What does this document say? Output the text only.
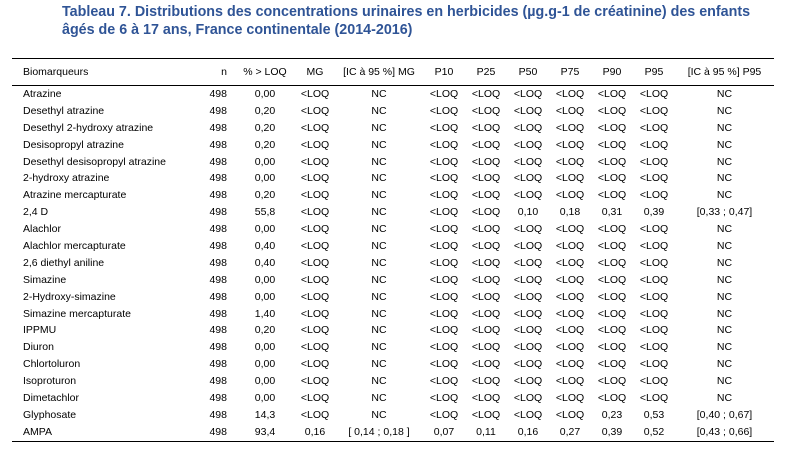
Tableau 7. Distributions des concentrations urinaires en herbicides (µg.g-1 de créatinine) des enfants âgés de 6 à 17 ans, France continentale (2014-2016)
Biomarqueurs	n	% > LOQ	MG	[IC à 95 %] MG	P10	P25	P50	P75	P90	P95	[IC à 95 %] P95
Atrazine	498	0,00	<LOQ	NC	<LOQ	<LOQ	<LOQ	<LOQ	<LOQ	<LOQ	NC
Desethyl atrazine	498	0,20	<LOQ	NC	<LOQ	<LOQ	<LOQ	<LOQ	<LOQ	<LOQ	NC
Desethyl 2-hydroxy atrazine	498	0,20	<LOQ	NC	<LOQ	<LOQ	<LOQ	<LOQ	<LOQ	<LOQ	NC
Desisopropyl atrazine	498	0,20	<LOQ	NC	<LOQ	<LOQ	<LOQ	<LOQ	<LOQ	<LOQ	NC
Desethyl desisopropyl atrazine	498	0,00	<LOQ	NC	<LOQ	<LOQ	<LOQ	<LOQ	<LOQ	<LOQ	NC
2-hydroxy atrazine	498	0,00	<LOQ	NC	<LOQ	<LOQ	<LOQ	<LOQ	<LOQ	<LOQ	NC
Atrazine mercapturate	498	0,20	<LOQ	NC	<LOQ	<LOQ	<LOQ	<LOQ	<LOQ	<LOQ	NC
2,4 D	498	55,8	<LOQ	NC	<LOQ	<LOQ	0,10	0,18	0,31	0,39	[0,33 ; 0,47]
Alachlor	498	0,00	<LOQ	NC	<LOQ	<LOQ	<LOQ	<LOQ	<LOQ	<LOQ	NC
Alachlor mercapturate	498	0,40	<LOQ	NC	<LOQ	<LOQ	<LOQ	<LOQ	<LOQ	<LOQ	NC
2,6 diethyl aniline	498	0,40	<LOQ	NC	<LOQ	<LOQ	<LOQ	<LOQ	<LOQ	<LOQ	NC
Simazine	498	0,00	<LOQ	NC	<LOQ	<LOQ	<LOQ	<LOQ	<LOQ	<LOQ	NC
2-Hydroxy-simazine	498	0,00	<LOQ	NC	<LOQ	<LOQ	<LOQ	<LOQ	<LOQ	<LOQ	NC
Simazine mercapturate	498	1,40	<LOQ	NC	<LOQ	<LOQ	<LOQ	<LOQ	<LOQ	<LOQ	NC
IPPMU	498	0,20	<LOQ	NC	<LOQ	<LOQ	<LOQ	<LOQ	<LOQ	<LOQ	NC
Diuron	498	0,00	<LOQ	NC	<LOQ	<LOQ	<LOQ	<LOQ	<LOQ	<LOQ	NC
Chlortoluron	498	0,00	<LOQ	NC	<LOQ	<LOQ	<LOQ	<LOQ	<LOQ	<LOQ	NC
Isoproturon	498	0,00	<LOQ	NC	<LOQ	<LOQ	<LOQ	<LOQ	<LOQ	<LOQ	NC
Dimetachlor	498	0,00	<LOQ	NC	<LOQ	<LOQ	<LOQ	<LOQ	<LOQ	<LOQ	NC
Glyphosate	498	14,3	<LOQ	NC	<LOQ	<LOQ	<LOQ	<LOQ	0,23	0,53	[0,40 ; 0,67]
AMPA	498	93,4	0,16	[ 0,14 ; 0,18 ]	0,07	0,11	0,16	0,27	0,39	0,52	[0,43 ; 0,66]
